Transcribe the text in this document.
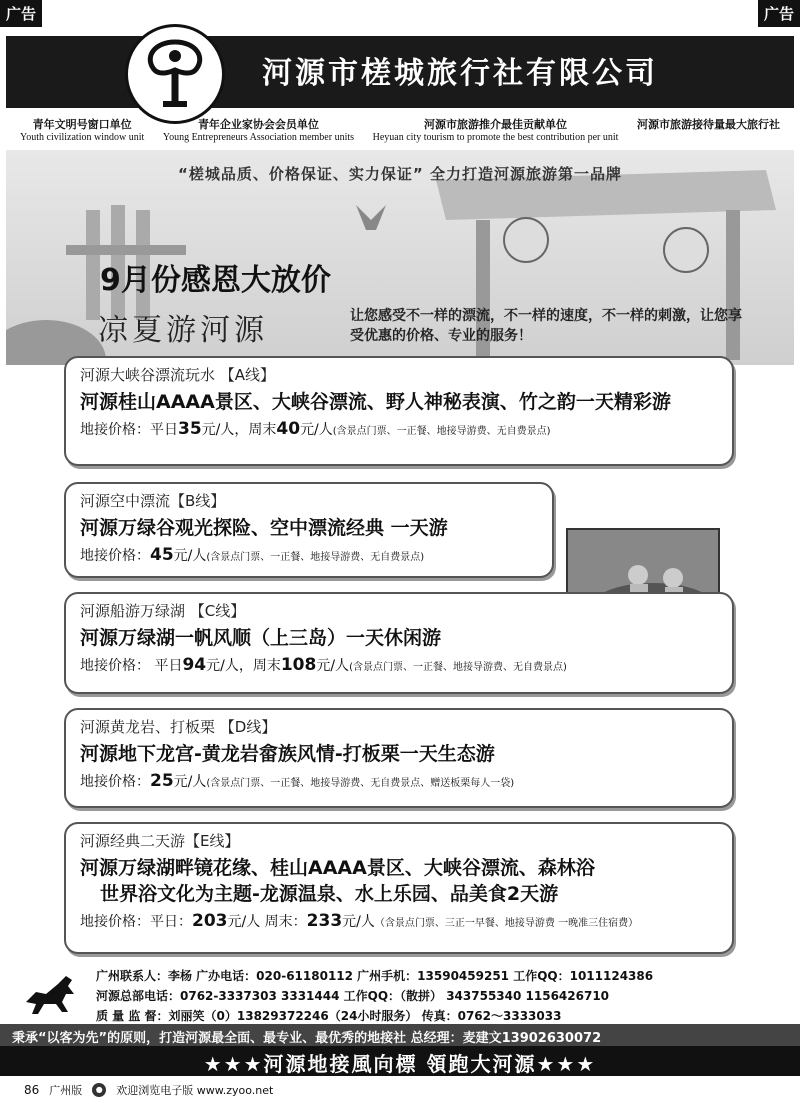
广告	广告
河源市槎城旅行社有限公司
青年文明号窗口单位
Youth civilization window unit
青年企业家协会会员单位
Young Entrepreneurs Association member units
河源市旅游推介最佳贡献单位
Heyuan city tourism to promote the best contribution per unit
河源市旅游接待量最大旅行社
“槎城品质、价格保证、实力保证” 全力打造河源旅游第一品牌
9月份感恩大放价
凉夏游河源	让您感受不一样的漂流，不一样的速度，不一样的刺激，让您享受优惠的价格、专业的服务！
河源大峡谷漂流玩水 【A线】
河源桂山AAAA景区、大峡谷漂流、野人神秘表演、竹之韵一天精彩游
地接价格：平日35元/人，周末40元/人(含景点门票、一正餐、地接导游费、无自费景点)
河源空中漂流【B线】
河源万绿谷观光探险、空中漂流经典 一天游
地接价格：45元/人(含景点门票、一正餐、地接导游费、无自费景点)
河源船游万绿湖 【C线】
河源万绿湖一帆风顺（上三岛）一天休闲游
地接价格： 平日94元/人，周末108元/人(含景点门票、一正餐、地接导游费、无自费景点)
河源黄龙岩、打板栗 【D线】
河源地下龙宫-黄龙岩畲族风情-打板栗一天生态游
地接价格：25元/人(含景点门票、一正餐、地接导游费、无自费景点、赠送板栗每人一袋)
河源经典二天游【E线】
河源万绿湖畔镜花缘、桂山AAAA景区、大峡谷漂流、森林浴
世界浴文化为主题-龙源温泉、水上乐园、品美食2天游
地接价格：平日：203元/人 周末：233元/人（含景点门票、三正一早餐、地接导游费 一晚准三住宿费）
广州联系人：李杨 广办电话：020-61180112 广州手机：13590459251 工作QQ：1011124386
河源总部电话：0762-3337303 3331444 工作QQ：（散拼） 343755340 1156426710
质 量 监 督：刘丽笑（0）13829372246（24小时服务） 传真：0762～3333033
秉承“以客为先”的原则，打造河源最全面、最专业、最优秀的地接社 总经理：麦建文13902630072
★★★河源地接風向標 領跑大河源★★★
86 广州版	●	欢迎浏览电子版 www.zyoo.net
